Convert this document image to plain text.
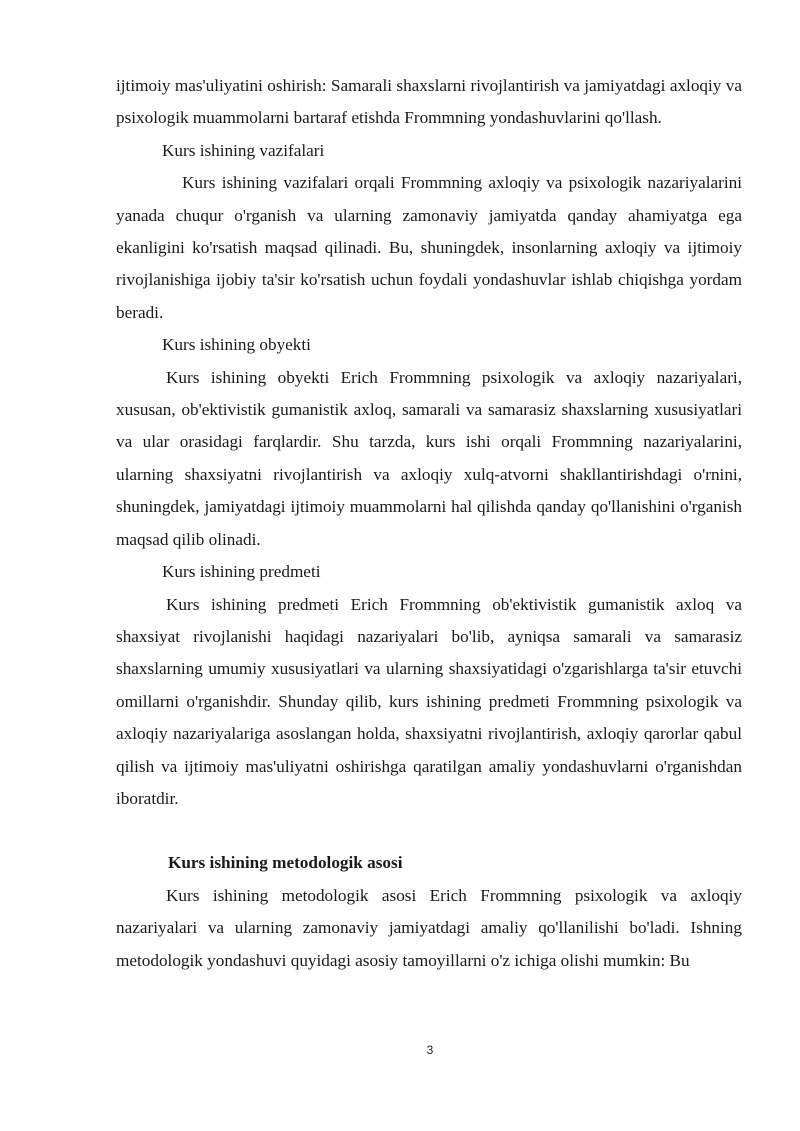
ijtimoiy mas'uliyatini oshirish: Samarali shaxslarni rivojlantirish va jamiyatdagi axloqiy va psixologik muammolarni bartaraf etishda Frommning yondashuvlarini qo'llash.

Kurs ishining vazifalari

Kurs ishining vazifalari orqali Frommning axloqiy va psixologik nazariyalarini yanada chuqur o'rganish va ularning zamonaviy jamiyatda qanday ahamiyatga ega ekanligini ko'rsatish maqsad qilinadi. Bu, shuningdek, insonlarning axloqiy va ijtimoiy rivojlanishiga ijobiy ta'sir ko'rsatish uchun foydali yondashuvlar ishlab chiqishga yordam beradi.

Kurs ishining obyekti

Kurs ishining obyekti Erich Frommning psixologik va axloqiy nazariyalari, xususan, ob'ektivistik gumanistik axloq, samarali va samarasiz shaxslarning xususiyatlari va ular orasidagi farqlardir. Shu tarzda, kurs ishi orqali Frommning nazariyalarini, ularning shaxsiyatni rivojlantirish va axloqiy xulq-atvorni shakllantirishdagi o'rnini, shuningdek, jamiyatdagi ijtimoiy muammolarni hal qilishda qanday qo'llanishini o'rganish maqsad qilib olinadi.

Kurs ishining predmeti

Kurs ishining predmeti Erich Frommning ob'ektivistik gumanistik axloq va shaxsiyat rivojlanishi haqidagi nazariyalari bo'lib, ayniqsa samarali va samarasiz shaxslarning umumiy xususiyatlari va ularning shaxsiyatidagi o'zgarishlarga ta'sir etuvchi omillarni o'rganishdir. Shunday qilib, kurs ishining predmeti Frommning psixologik va axloqiy nazariyalariga asoslangan holda, shaxsiyatni rivojlantirish, axloqiy qarorlar qabul qilish va ijtimoiy mas'uliyatni oshirishga qaratilgan amaliy yondashuvlarni o'rganishdan iboratdir.

Kurs ishining metodologik asosi

Kurs ishining metodologik asosi Erich Frommning psixologik va axloqiy nazariyalari va ularning zamonaviy jamiyatdagi amaliy qo'llanilishi bo'ladi. Ishning metodologik yondashuvi quyidagi asosiy tamoyillarni o'z ichiga olishi mumkin: Bu

3
